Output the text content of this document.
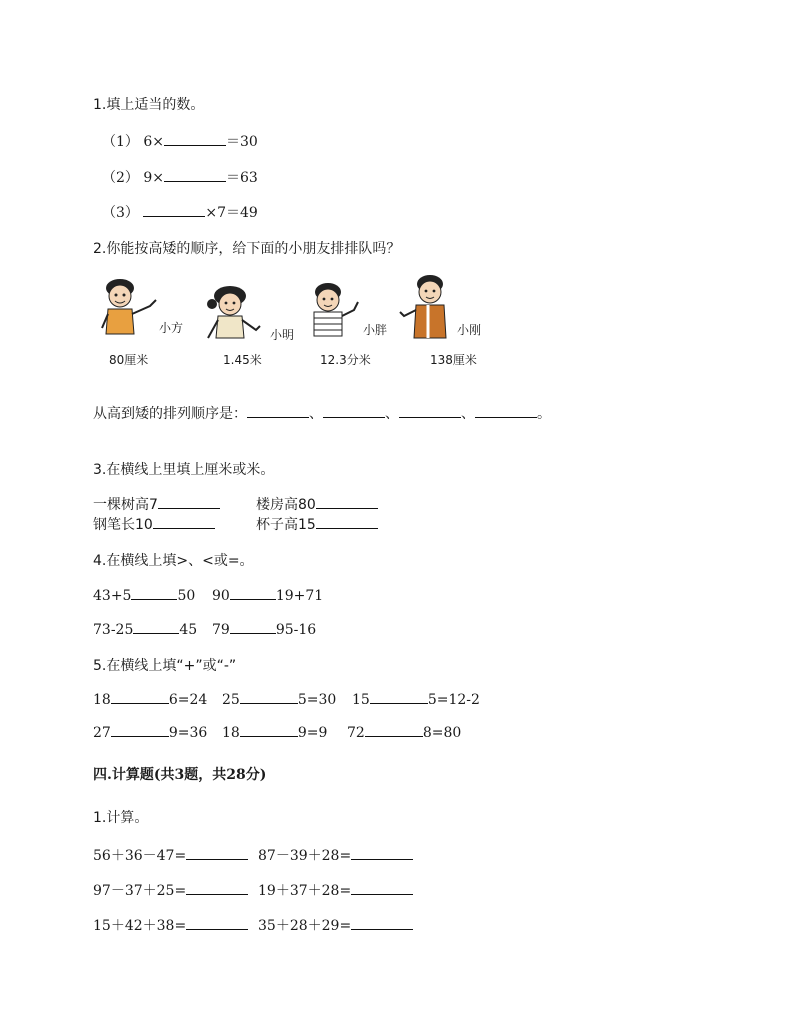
1.填上适当的数。
（1） 6×	＝30
（2） 9×	＝63
（3）	×7＝49
2.你能按高矮的顺序，给下面的小朋友排排队吗？
小方
80厘米
小明
1.45米
小胖
12.3分米
小刚
138厘米
从高到矮的排列顺序是：	、	、	、	。
3.在横线上里填上厘米或米。
一棵树高7	楼房高80
钢笔长10	杯子高15
4.在横线上填>、<或=。
43+5	50 90	19+71
73-25	45 79	95-16
5.在横线上填“+”或“-”
18	6=24 25	5=30 15	5=12-2
27	9=36 18	9=9 72	8=80
四.计算题(共3题，共28分)
1.计算。
56＋36－47=	87－39＋28=
97－37＋25=	19＋37＋28=
15＋42＋38=	35＋28＋29=
